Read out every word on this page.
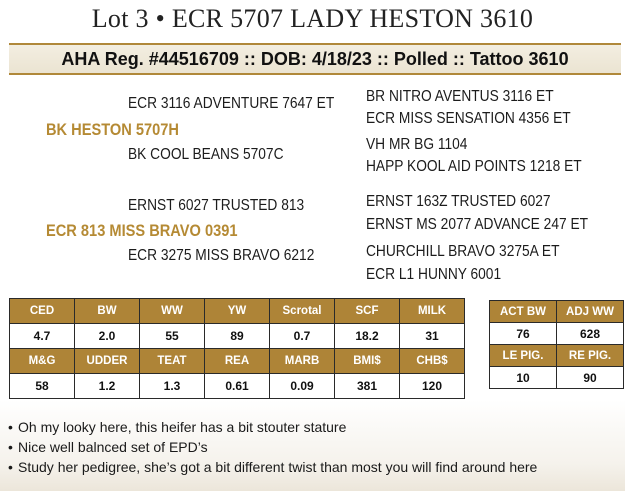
Lot 3 • ECR 5707 LADY HESTON 3610
AHA Reg. #44516709 :: DOB: 4/18/23 :: Polled :: Tattoo 3610
ECR 3116 ADVENTURE 7647 ET
BK HESTON 5707H
BK COOL BEANS 5707C
BR NITRO AVENTUS 3116 ET
ECR MISS SENSATION 4356 ET
VH MR BG 1104
HAPP KOOL AID POINTS 1218 ET
ERNST 6027 TRUSTED 813
ECR 813 MISS BRAVO 0391
ECR 3275 MISS BRAVO 6212
ERNST 163Z TRUSTED 6027
ERNST MS 2077 ADVANCE 247 ET
CHURCHILL BRAVO 3275A ET
ECR L1 HUNNY 6001
CED	BW	WW	YW	Scrotal	SCF	MILK
4.7	2.0	55	89	0.7	18.2	31
M&G	UDDER	TEAT	REA	MARB	BMI$	CHB$
58	1.2	1.3	0.61	0.09	381	120
ACT BW	ADJ WW
76	628
LE PIG.	RE PIG.
10	90
• Oh my looky here, this heifer has a bit stouter stature
• Nice well balnced set of EPD’s
• Study her pedigree, she’s got a bit different twist than most you will find around here
